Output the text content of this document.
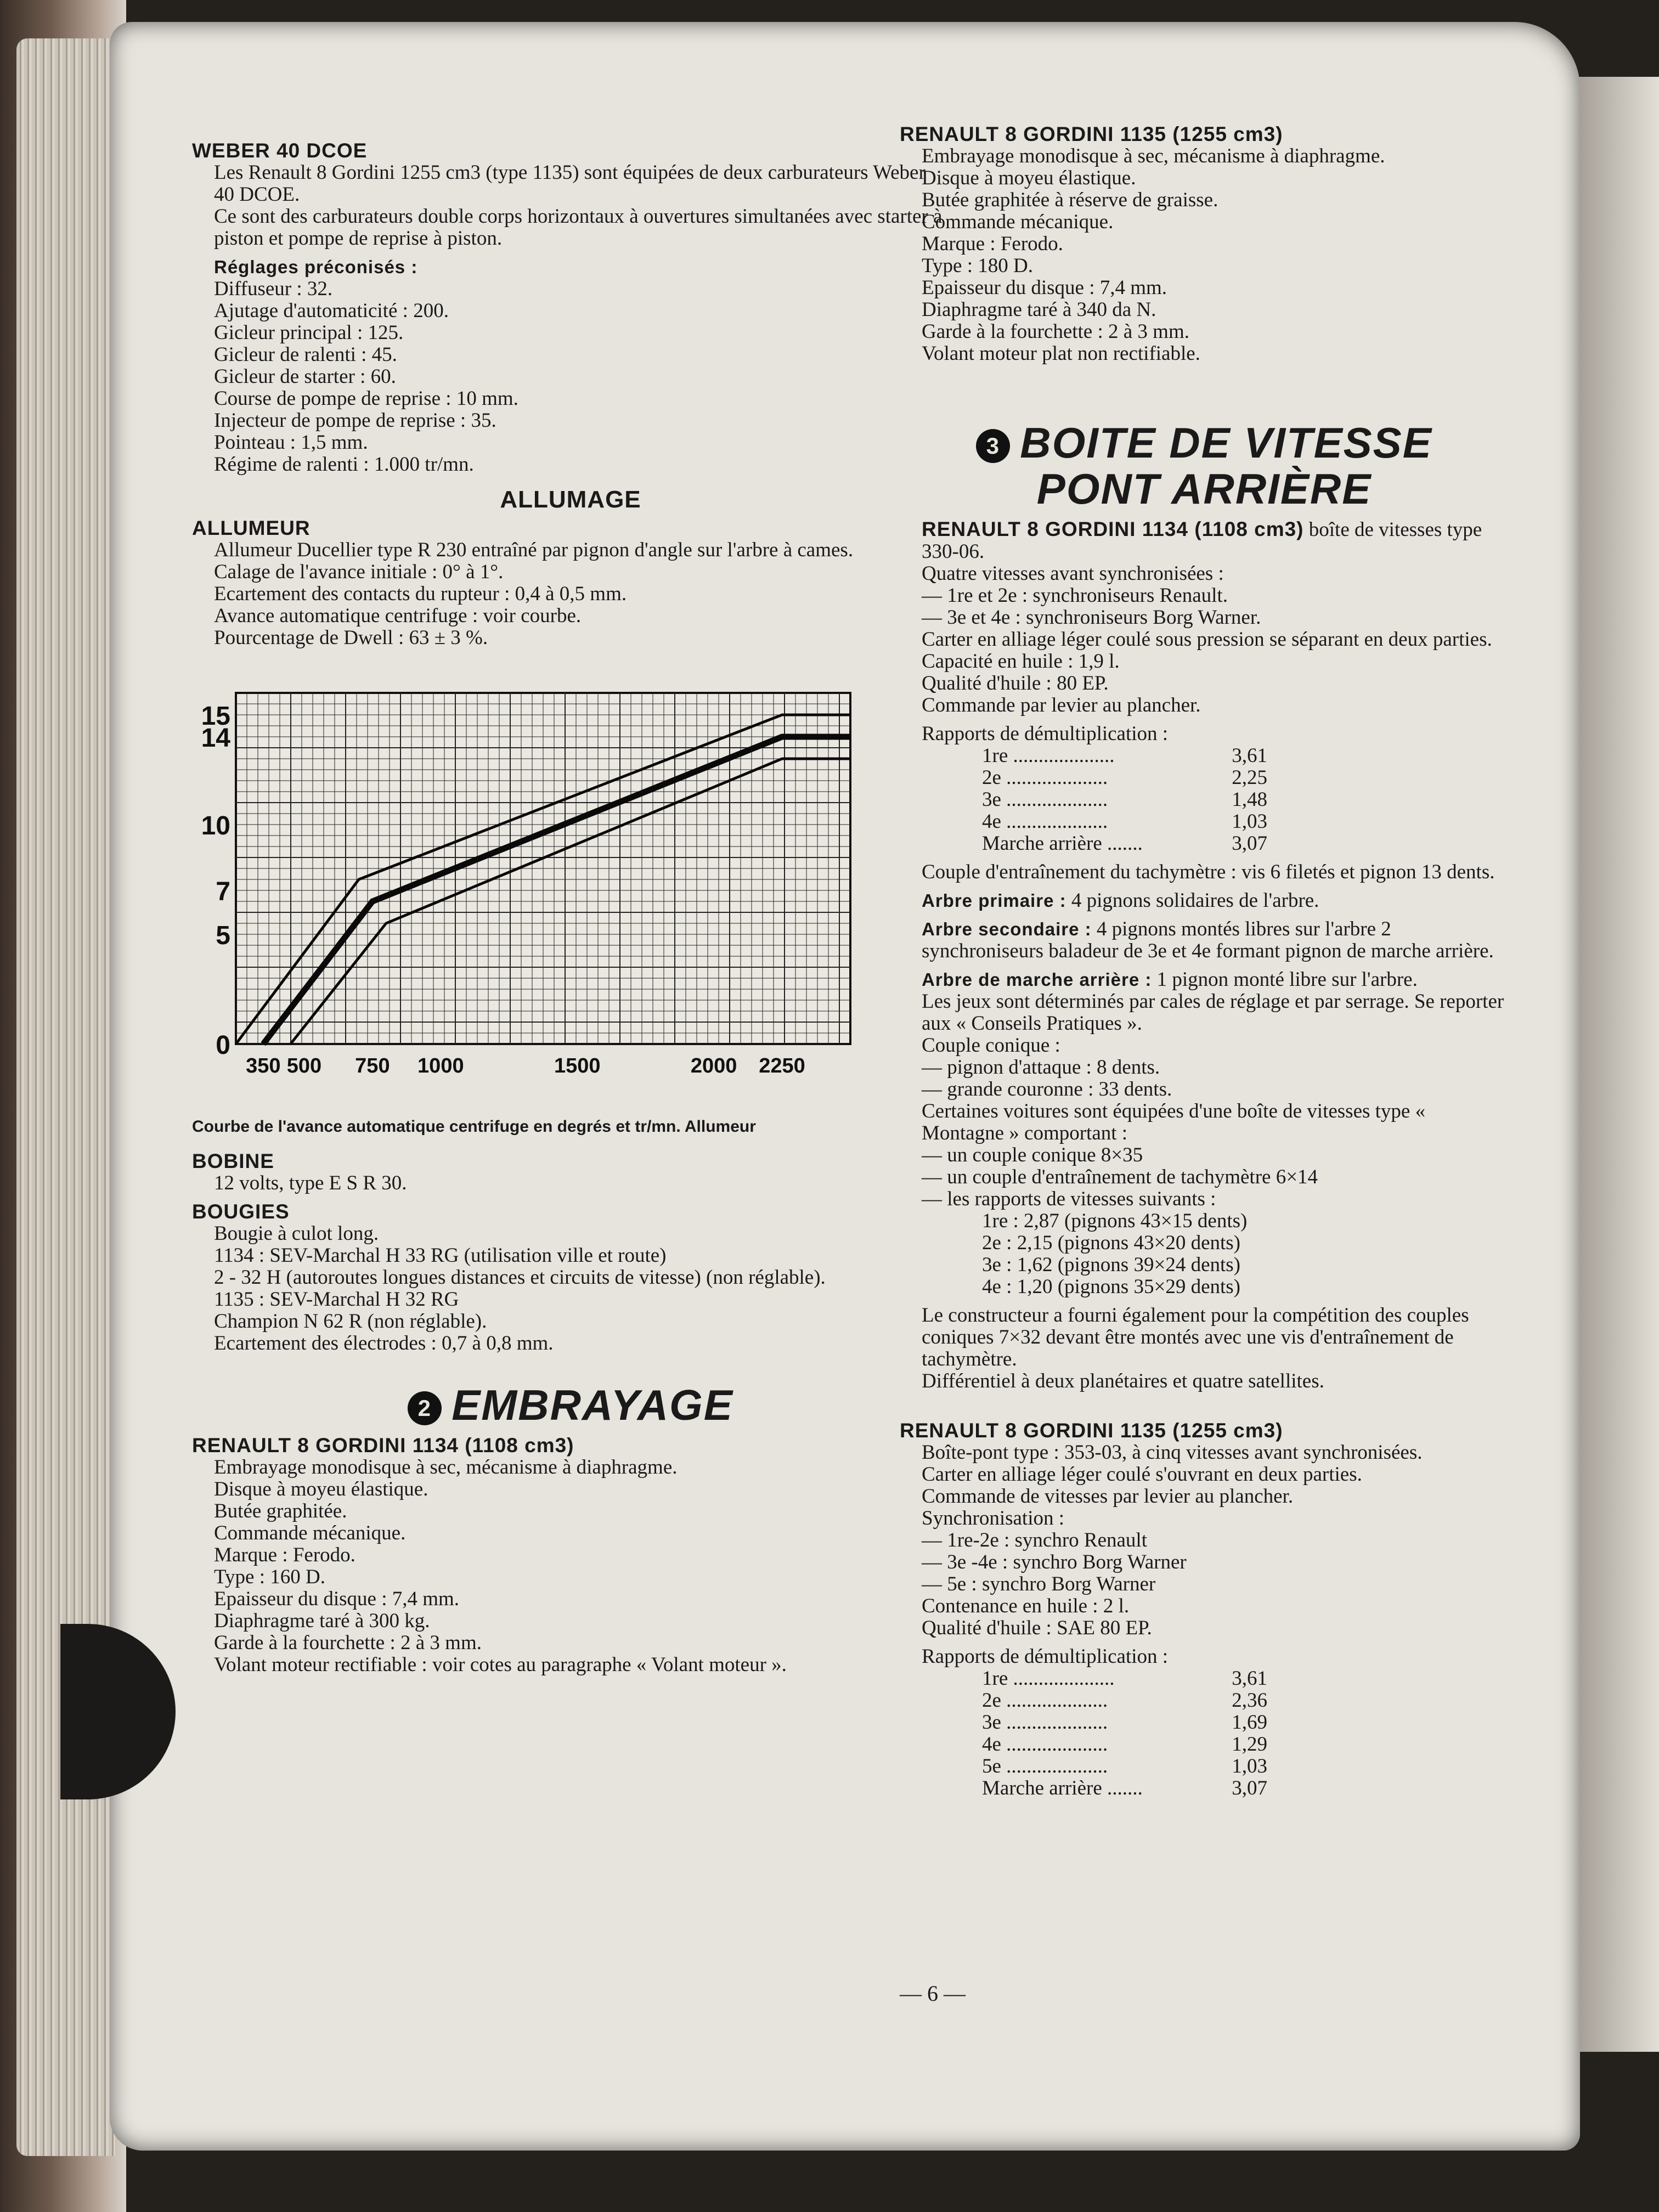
WEBER 40 DCOE

Les Renault 8 Gordini 1255 cm3 (type 1135) sont équipées de deux carburateurs Weber 40 DCOE.

Ce sont des carburateurs double corps horizontaux à ouvertures simultanées avec starter à piston et pompe de reprise à piston.

Réglages préconisés :

Diffuseur : 32.

Ajutage d'automaticité : 200.

Gicleur principal : 125.

Gicleur de ralenti : 45.

Gicleur de starter : 60.

Course de pompe de reprise : 10 mm.

Injecteur de pompe de reprise : 35.

Pointeau : 1,5 mm.

Régime de ralenti : 1.000 tr/mn.

ALLUMAGE
ALLUMEUR

Allumeur Ducellier type R 230 entraîné par pignon d'angle sur l'arbre à cames.

Calage de l'avance initiale : 0° à 1°.

Ecartement des contacts du rupteur : 0,4 à 0,5 mm.

Avance automatique centrifuge : voir courbe.

Pourcentage de Dwell : 63 ± 3 %.

0
5
7
10
14
15
350 500 750 1000	1500	2000 2250
Courbe de l'avance automatique centrifuge en degrés et tr/mn. Allumeur
BOBINE

12 volts, type E S R 30.

BOUGIES

Bougie à culot long.

1134 : SEV-Marchal H 33 RG (utilisation ville et route)

2 - 32 H (autoroutes longues distances et circuits de vitesse) (non réglable).

1135 : SEV-Marchal H 32 RG

Champion N 62 R (non réglable).

Ecartement des électrodes : 0,7 à 0,8 mm.

2 EMBRAYAGE
RENAULT 8 GORDINI 1134 (1108 cm3)

Embrayage monodisque à sec, mécanisme à diaphragme.

Disque à moyeu élastique.

Butée graphitée.

Commande mécanique.

Marque : Ferodo.

Type : 160 D.

Epaisseur du disque : 7,4 mm.

Diaphragme taré à 300 kg.

Garde à la fourchette : 2 à 3 mm.

Volant moteur rectifiable : voir cotes au paragraphe « Volant moteur ».

RENAULT 8 GORDINI 1135 (1255 cm3)

Embrayage monodisque à sec, mécanisme à diaphragme.

Disque à moyeu élastique.

Butée graphitée à réserve de graisse.

Commande mécanique.

Marque : Ferodo.

Type : 180 D.

Epaisseur du disque : 7,4 mm.

Diaphragme taré à 340 da N.

Garde à la fourchette : 2 à 3 mm.

Volant moteur plat non rectifiable.

3 BOITE DE VITESSE
PONT ARRIÈRE

RENAULT 8 GORDINI 1134 (1108 cm3) boîte de vitesses type 330-06.

Quatre vitesses avant synchronisées :

— 1re et 2e : synchroniseurs Renault.

— 3e et 4e : synchroniseurs Borg Warner.

Carter en alliage léger coulé sous pression se séparant en deux parties.

Capacité en huile : 1,9 l.

Qualité d'huile : 80 EP.

Commande par levier au plancher.

Rapports de démultiplication :
1re ....................	3,61
2e ....................	2,25
3e ....................	1,48
4e ....................	1,03
Marche arrière .......	3,07

Couple d'entraînement du tachymètre : vis 6 filetés et pignon 13 dents.

Arbre primaire : 4 pignons solidaires de l'arbre.

Arbre secondaire : 4 pignons montés libres sur l'arbre 2 synchroniseurs baladeur de 3e et 4e formant pignon de marche arrière.

Arbre de marche arrière : 1 pignon monté libre sur l'arbre.

Les jeux sont déterminés par cales de réglage et par serrage. Se reporter aux « Conseils Pratiques ».

Couple conique :

— pignon d'attaque : 8 dents.

— grande couronne : 33 dents.

Certaines voitures sont équipées d'une boîte de vitesses type « Montagne » comportant :

— un couple conique 8×35

— un couple d'entraînement de tachymètre 6×14

— les rapports de vitesses suivants :

1re : 2,87 (pignons 43×15 dents)

2e : 2,15 (pignons 43×20 dents)

3e : 1,62 (pignons 39×24 dents)

4e : 1,20 (pignons 35×29 dents)

Le constructeur a fourni également pour la compétition des couples coniques 7×32 devant être montés avec une vis d'entraînement de tachymètre.

Différentiel à deux planétaires et quatre satellites.

RENAULT 8 GORDINI 1135 (1255 cm3)

Boîte-pont type : 353-03, à cinq vitesses avant synchronisées.

Carter en alliage léger coulé s'ouvrant en deux parties.

Commande de vitesses par levier au plancher.

Synchronisation :

— 1re-2e : synchro Renault

— 3e -4e : synchro Borg Warner

— 5e : synchro Borg Warner

Contenance en huile : 2 l.

Qualité d'huile : SAE 80 EP.

Rapports de démultiplication :
1re ....................	3,61
2e ....................	2,36
3e ....................	1,69
4e ....................	1,29
5e ....................	1,03
Marche arrière .......	3,07
— 6 —
